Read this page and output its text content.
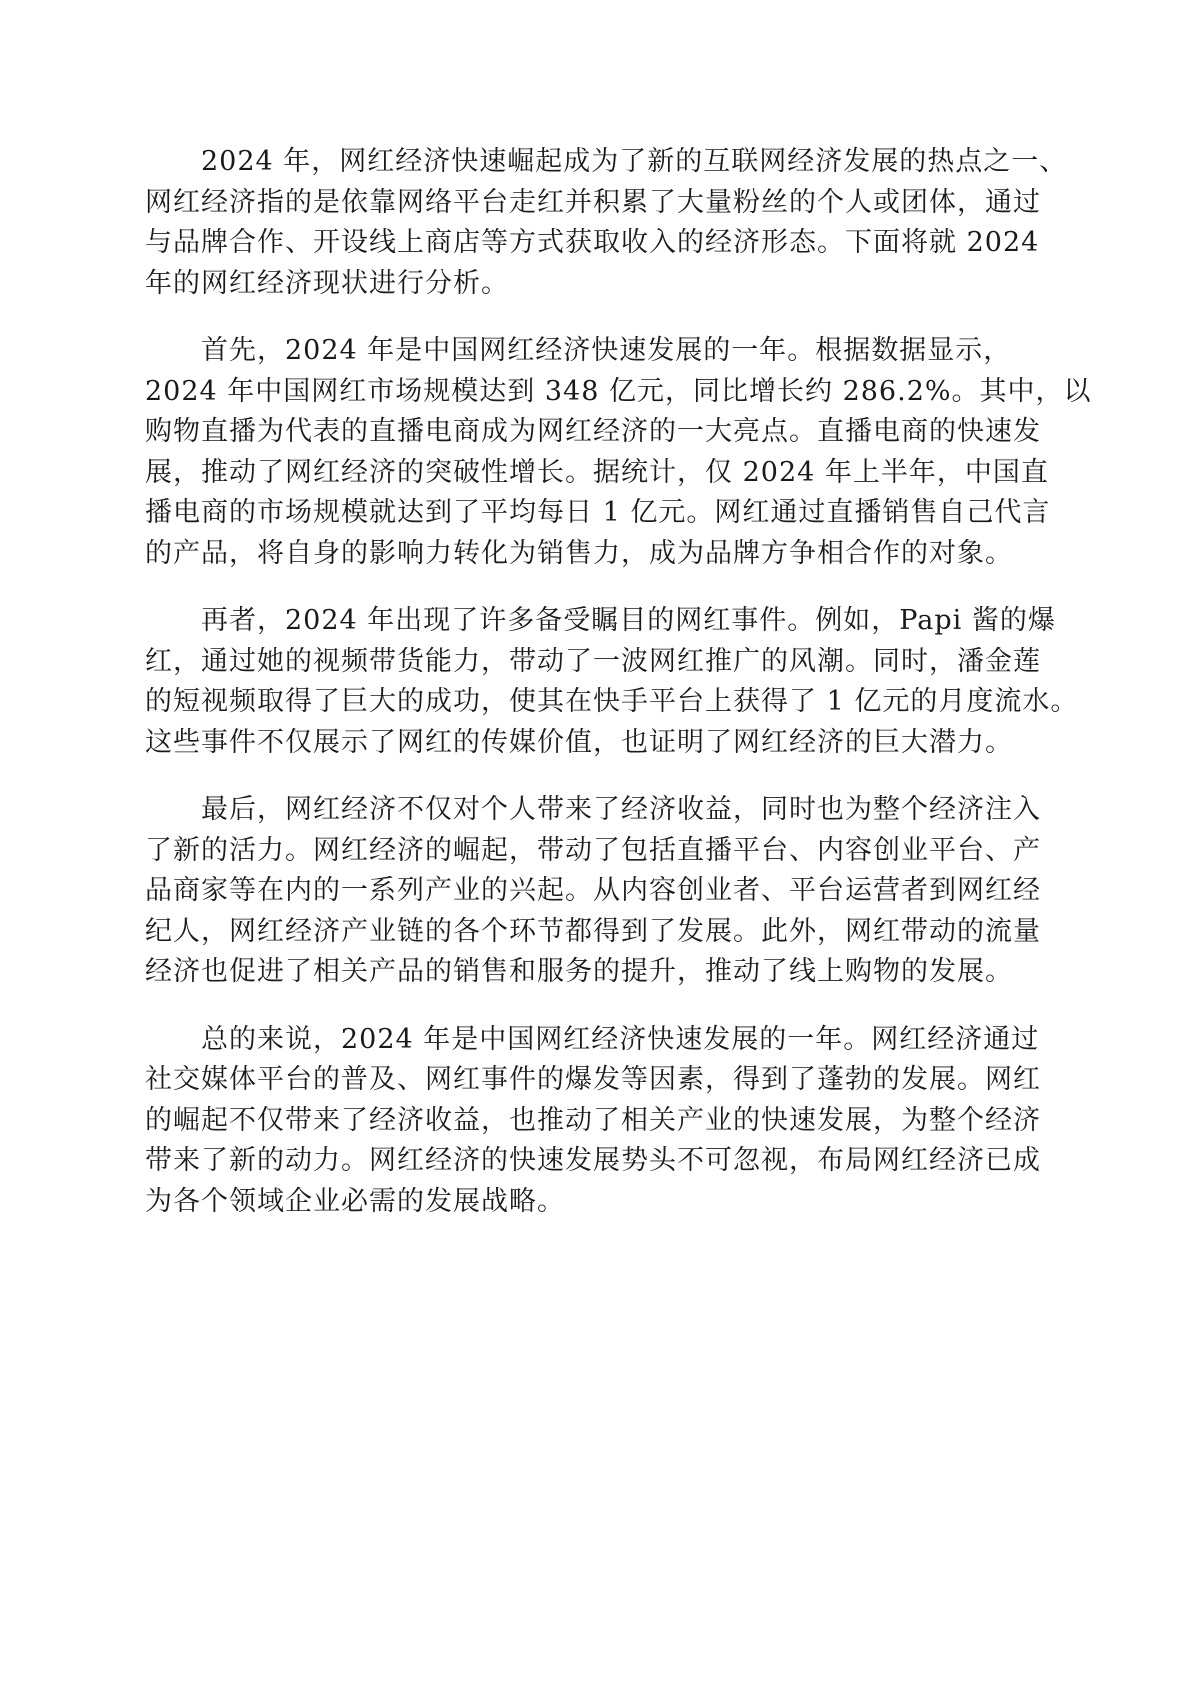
2024 年，网红经济快速崛起成为了新的互联网经济发展的热点之一、
网红经济指的是依靠网络平台走红并积累了大量粉丝的个人或团体，通过
与品牌合作、开设线上商店等方式获取收入的经济形态。下面将就 2024
年的网红经济现状进行分析。
首先，2024 年是中国网红经济快速发展的一年。根据数据显示，
2024 年中国网红市场规模达到 348 亿元，同比增长约 286.2%。其中，以
购物直播为代表的直播电商成为网红经济的一大亮点。直播电商的快速发
展，推动了网红经济的突破性增长。据统计，仅 2024 年上半年，中国直
播电商的市场规模就达到了平均每日 1 亿元。网红通过直播销售自己代言
的产品，将自身的影响力转化为销售力，成为品牌方争相合作的对象。
再者，2024 年出现了许多备受瞩目的网红事件。例如，Papi 酱的爆
红，通过她的视频带货能力，带动了一波网红推广的风潮。同时，潘金莲
的短视频取得了巨大的成功，使其在快手平台上获得了 1 亿元的月度流水。
这些事件不仅展示了网红的传媒价值，也证明了网红经济的巨大潜力。
最后，网红经济不仅对个人带来了经济收益，同时也为整个经济注入
了新的活力。网红经济的崛起，带动了包括直播平台、内容创业平台、产
品商家等在内的一系列产业的兴起。从内容创业者、平台运营者到网红经
纪人，网红经济产业链的各个环节都得到了发展。此外，网红带动的流量
经济也促进了相关产品的销售和服务的提升，推动了线上购物的发展。
总的来说，2024 年是中国网红经济快速发展的一年。网红经济通过
社交媒体平台的普及、网红事件的爆发等因素，得到了蓬勃的发展。网红
的崛起不仅带来了经济收益，也推动了相关产业的快速发展，为整个经济
带来了新的动力。网红经济的快速发展势头不可忽视，布局网红经济已成
为各个领域企业必需的发展战略。
